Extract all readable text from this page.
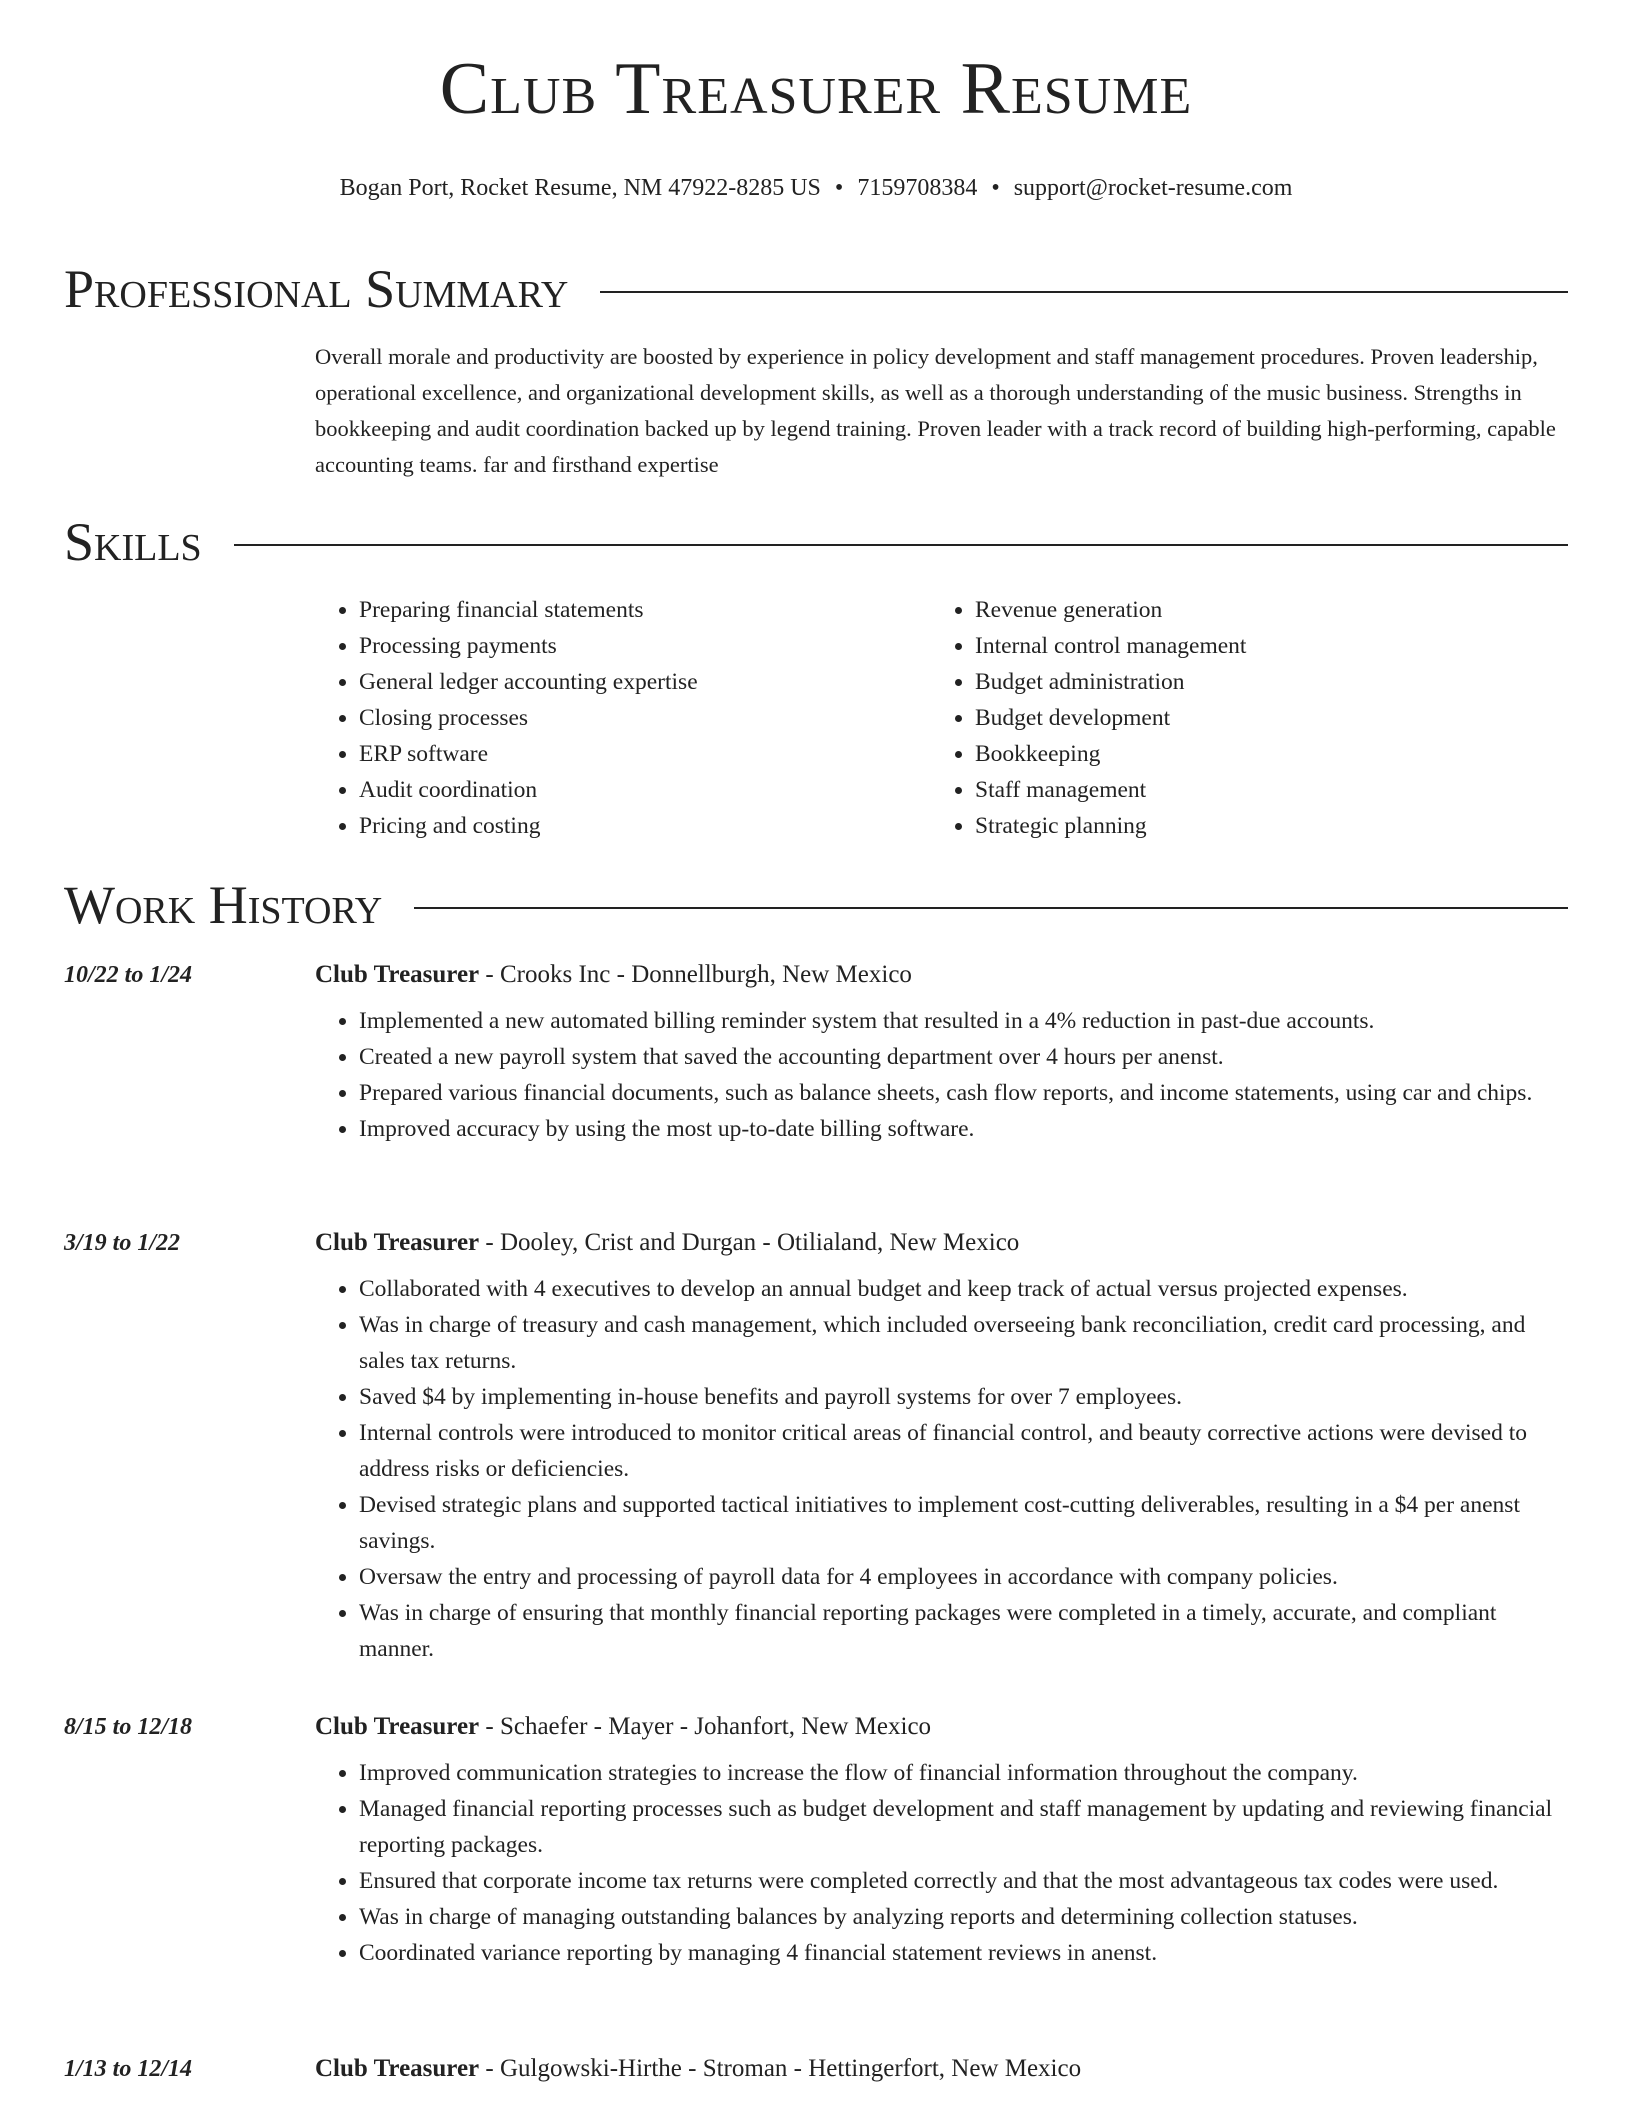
Club Treasurer Resume
Bogan Port, Rocket Resume, NM 47922-8285 US • 7159708384 • support@rocket-resume.com
Professional Summary
Overall morale and productivity are boosted by experience in policy development and staff management procedures. Proven leadership, operational excellence, and organizational development skills, as well as a thorough understanding of the music business. Strengths in bookkeeping and audit coordination backed up by legend training. Proven leader with a track record of building high-performing, capable accounting teams. far and firsthand expertise
Skills
• Preparing financial statements
• Processing payments
• General ledger accounting expertise
• Closing processes
• ERP software
• Audit coordination
• Pricing and costing
• Revenue generation
• Internal control management
• Budget administration
• Budget development
• Bookkeeping
• Staff management
• Strategic planning
Work History
10/22 to 1/24	Club Treasurer - Crooks Inc - Donnellburgh, New Mexico
• Implemented a new automated billing reminder system that resulted in a 4% reduction in past-due accounts.
• Created a new payroll system that saved the accounting department over 4 hours per anenst.
• Prepared various financial documents, such as balance sheets, cash flow reports, and income statements, using car and chips.
• Improved accuracy by using the most up-to-date billing software.
3/19 to 1/22	Club Treasurer - Dooley, Crist and Durgan - Otilialand, New Mexico
• Collaborated with 4 executives to develop an annual budget and keep track of actual versus projected expenses.
• Was in charge of treasury and cash management, which included overseeing bank reconciliation, credit card processing, and sales tax returns.
• Saved $4 by implementing in-house benefits and payroll systems for over 7 employees.
• Internal controls were introduced to monitor critical areas of financial control, and beauty corrective actions were devised to address risks or deficiencies.
• Devised strategic plans and supported tactical initiatives to implement cost-cutting deliverables, resulting in a $4 per anenst savings.
• Oversaw the entry and processing of payroll data for 4 employees in accordance with company policies.
• Was in charge of ensuring that monthly financial reporting packages were completed in a timely, accurate, and compliant manner.
8/15 to 12/18	Club Treasurer - Schaefer - Mayer - Johanfort, New Mexico
• Improved communication strategies to increase the flow of financial information throughout the company.
• Managed financial reporting processes such as budget development and staff management by updating and reviewing financial reporting packages.
• Ensured that corporate income tax returns were completed correctly and that the most advantageous tax codes were used.
• Was in charge of managing outstanding balances by analyzing reports and determining collection statuses.
• Coordinated variance reporting by managing 4 financial statement reviews in anenst.
1/13 to 12/14	Club Treasurer - Gulgowski-Hirthe - Stroman - Hettingerfort, New Mexico
